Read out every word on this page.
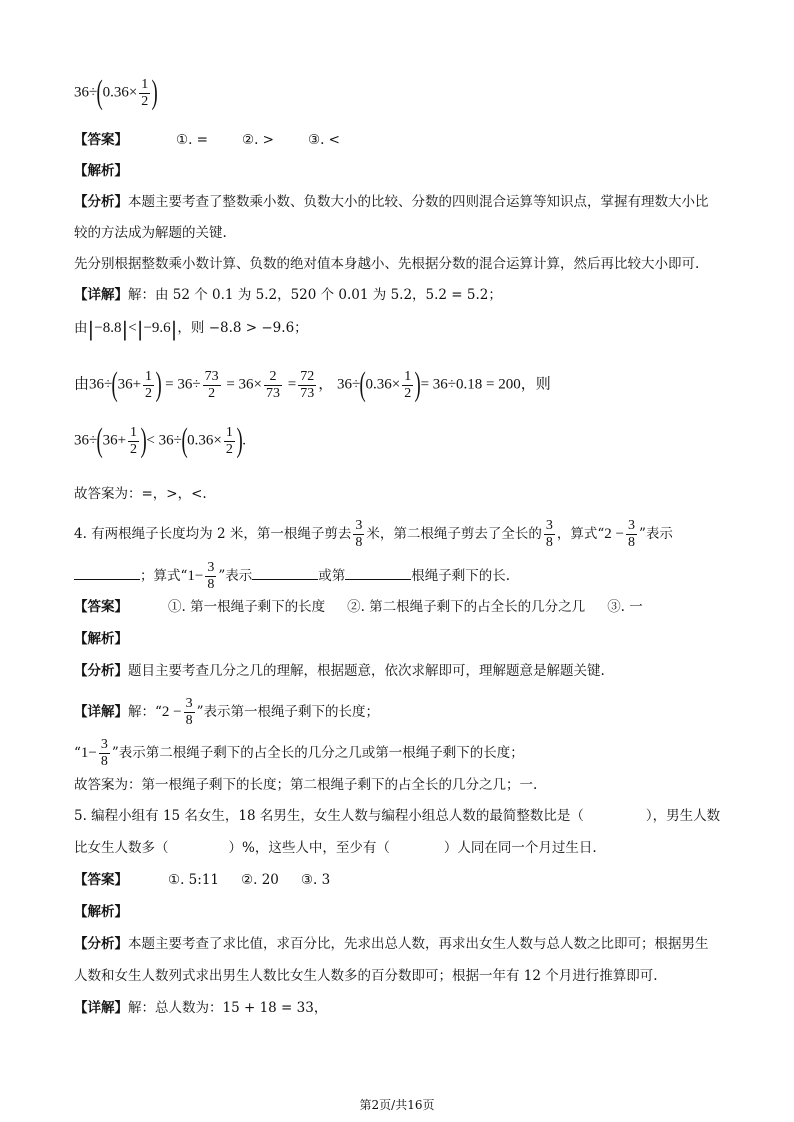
$36\div(0.36\times \frac{1}{2}$ )
【答案】	①. =	②. >	③. <
【解析】
【分析】本题主要考查了整数乘小数、负数大小的比较、分数的四则混合运算等知识点，掌握有理数大小比
较的方法成为解题的关键.
先分别根据整数乘小数计算、负数的绝对值本身越小、先根据分数的混合运算计算，然后再比较大小即可.
【详解】解：由 52 个 0.1 为 5.2，520 个 0.01 为 5.2，5.2 = 5.2；
由|−8.8|<|−9.6|，则 −8.8 > −9.6；
由$36\div(36+ \frac{1}{2}$ ) = $36\div \frac{73}{2} = 36\times \frac{2}{73} = \frac{72}{73}$ ， $36\div(0.36\times \frac{1}{2}$ )= 36÷0.18 = 200，则
$36\div(36+ \frac{1}{2}$ )< $36\div(0.36\times \frac{1}{2}$ ).
故答案为：=，>，<.
4. 有两根绳子长度均为 2 米，第一根绳子剪去 $\frac{3}{8}$ 米，第二根绳子剪去了全长的 $\frac{3}{8}$ ，算式“$2 - \frac{3}{8}$ ”表示
；算式“$1- \frac{3}{8}$ ”表示	或第	根绳子剩下的长.
【答案】	①. 第一根绳子剩下的长度 ②. 第二根绳子剩下的占全长的几分之几 ③. 一
【解析】
【分析】题目主要考查几分之几的理解，根据题意，依次求解即可，理解题意是解题关键.
【详解】解：“$2 - \frac{3}{8}$ ”表示第一根绳子剩下的长度；
“$1- \frac{3}{8}$ ”表示第二根绳子剩下的占全长的几分之几或第一根绳子剩下的长度；
故答案为：第一根绳子剩下的长度；第二根绳子剩下的占全长的几分之几；一.
5. 编程小组有 15 名女生，18 名男生，女生人数与编程小组总人数的最简整数比是（	），男生人数
比女生人数多（	）%，这些人中，至少有（	）人同在同一个月过生日.
【答案】	①. 5:11 ②. 20 ③. 3
【解析】
【分析】本题主要考查了求比值，求百分比，先求出总人数，再求出女生人数与总人数之比即可；根据男生
人数和女生人数列式求出男生人数比女生人数多的百分数即可；根据一年有 12 个月进行推算即可.
【详解】解：总人数为：15 + 18 = 33，
第2页/共16页
